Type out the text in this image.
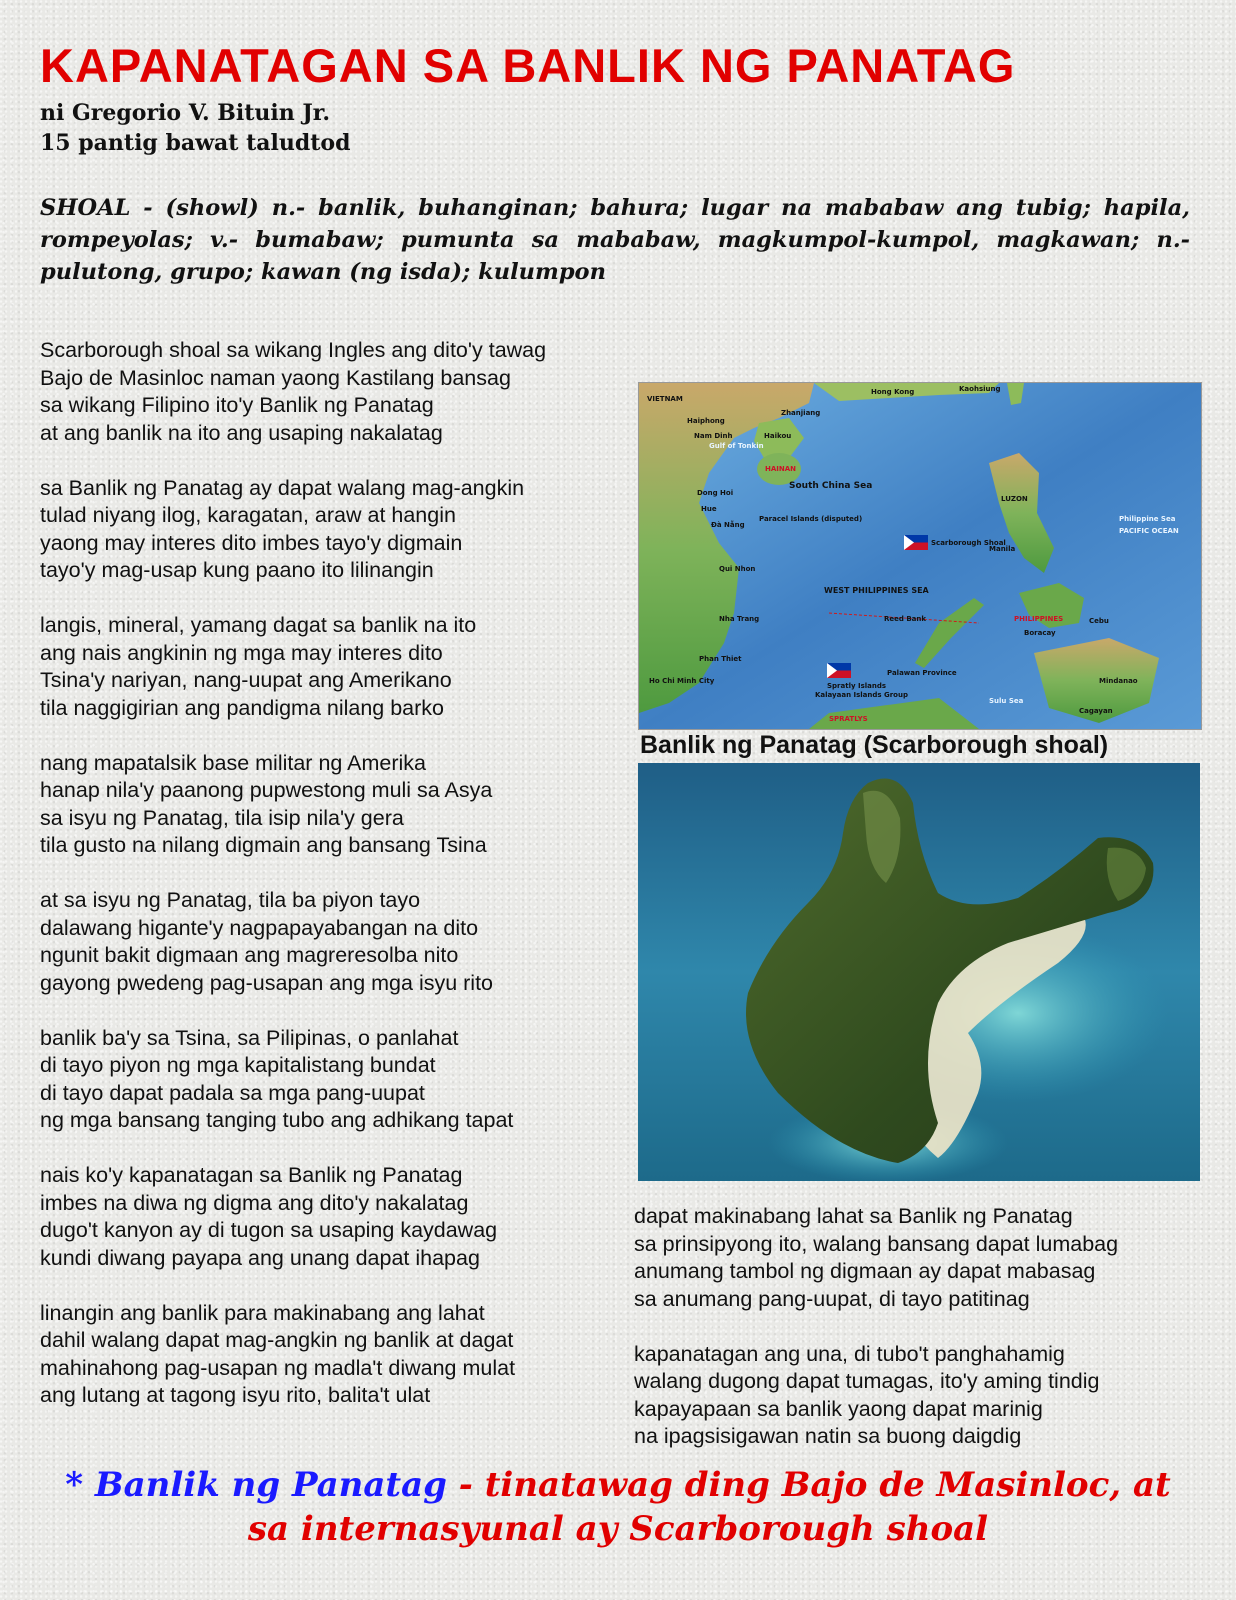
KAPANATAGAN SA BANLIK NG PANATAG
ni Gregorio V. Bituin Jr.
15 pantig bawat taludtod

SHOAL - (showl) n.- banlik, buhanginan; bahura; lugar na mababaw ang tubig; hapila, rompeyolas; v.- bumabaw; pumunta sa mababaw, magkumpol-kumpol, magkawan; n.- pulutong, grupo; kawan (ng isda); kulumpon

Scarborough shoal sa wikang Ingles ang dito'y tawag
Bajo de Masinloc naman yaong Kastilang bansag
sa wikang Filipino ito'y Banlik ng Panatag
at ang banlik na ito ang usaping nakalatag
sa Banlik ng Panatag ay dapat walang mag-angkin
tulad niyang ilog, karagatan, araw at hangin
yaong may interes dito imbes tayo'y digmain
tayo'y mag-usap kung paano ito lilinangin
langis, mineral, yamang dagat sa banlik na ito
ang nais angkinin ng mga may interes dito
Tsina'y nariyan, nang-uupat ang Amerikano
tila naggigirian ang pandigma nilang barko
nang mapatalsik base militar ng Amerika
hanap nila'y paanong pupwestong muli sa Asya
sa isyu ng Panatag, tila isip nila'y gera
tila gusto na nilang digmain ang bansang Tsina
at sa isyu ng Panatag, tila ba piyon tayo
dalawang higante'y nagpapayabangan na dito
ngunit bakit digmaan ang magreresolba nito
gayong pwedeng pag-usapan ang mga isyu rito
banlik ba'y sa Tsina, sa Pilipinas, o panlahat
di tayo piyon ng mga kapitalistang bundat
di tayo dapat padala sa mga pang-uupat
ng mga bansang tanging tubo ang adhikang tapat
nais ko'y kapanatagan sa Banlik ng Panatag
imbes na diwa ng digma ang dito'y nakalatag
dugo't kanyon ay di tugon sa usaping kaydawag
kundi diwang payapa ang unang dapat ihapag
linangin ang banlik para makinabang ang lahat
dahil walang dapat mag-angkin ng banlik at dagat
mahinahong pag-usapan ng madla't diwang mulat
ang lutang at tagong isyu rito, balita't ulat
dapat makinabang lahat sa Banlik ng Panatag
sa prinsipyong ito, walang bansang dapat lumabag
anumang tambol ng digmaan ay dapat mabasag
sa anumang pang-uupat, di tayo patitinag
kapanatagan ang una, di tubo't panghahamig
walang dugong dapat tumagas, ito'y aming tindig
kapayapaan sa banlik yaong dapat marinig
na ipagsisigawan natin sa buong daigdig
Hong Kong	Kaohsiung
VIETNAM
Haiphong
Nam Dinh
Zhanjiang
Haikou
Gulf of Tonkin
HAINAN
South China Sea
Dong Hoi
Hue
Đà Nẵng
Paracel Islands (disputed)
Qui Nhon
Nha Trang
WEST PHILIPPINES SEA
Scarborough Shoal
LUZON
Manila
Philippine Sea
PACIFIC OCEAN
PHILIPPINES
Boracay
Reed Bank
Palawan Province
Spratly Islands
Kalayaan Islands Group
SPRATLYS
Ho Chi Minh City
Phan Thiet
Sulu Sea
Cebu
Mindanao
Cagayan
Banlik ng Panatag (Scarborough shoal)

* Banlik ng Panatag - tinatawag ding Bajo de Masinloc, at sa internasyunal ay Scarborough shoal
